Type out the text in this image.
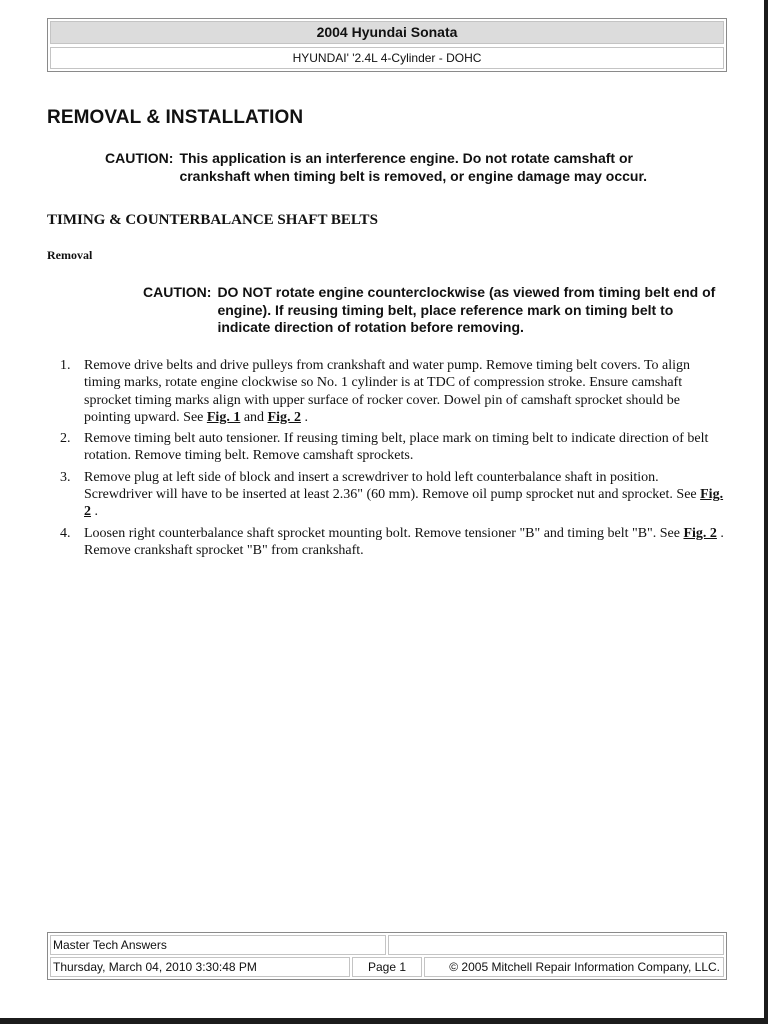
2004 Hyundai Sonata
HYUNDAI' '2.4L 4-Cylinder - DOHC
REMOVAL & INSTALLATION
CAUTION: This application is an interference engine. Do not rotate camshaft or crankshaft when timing belt is removed, or engine damage may occur.
TIMING & COUNTERBALANCE SHAFT BELTS
Removal
CAUTION: DO NOT rotate engine counterclockwise (as viewed from timing belt end of engine). If reusing timing belt, place reference mark on timing belt to indicate direction of rotation before removing.
1. Remove drive belts and drive pulleys from crankshaft and water pump. Remove timing belt covers. To align timing marks, rotate engine clockwise so No. 1 cylinder is at TDC of compression stroke. Ensure camshaft sprocket timing marks align with upper surface of rocker cover. Dowel pin of camshaft sprocket should be pointing upward. See Fig. 1 and Fig. 2 .
2. Remove timing belt auto tensioner. If reusing timing belt, place mark on timing belt to indicate direction of belt rotation. Remove timing belt. Remove camshaft sprockets.
3. Remove plug at left side of block and insert a screwdriver to hold left counterbalance shaft in position. Screwdriver will have to be inserted at least 2.36" (60 mm). Remove oil pump sprocket nut and sprocket. See Fig. 2 .
4. Loosen right counterbalance shaft sprocket mounting bolt. Remove tensioner "B" and timing belt "B". See Fig. 2 . Remove crankshaft sprocket "B" from crankshaft.
Master Tech Answers
Thursday, March 04, 2010 3:30:48 PM	Page 1	© 2005 Mitchell Repair Information Company, LLC.
